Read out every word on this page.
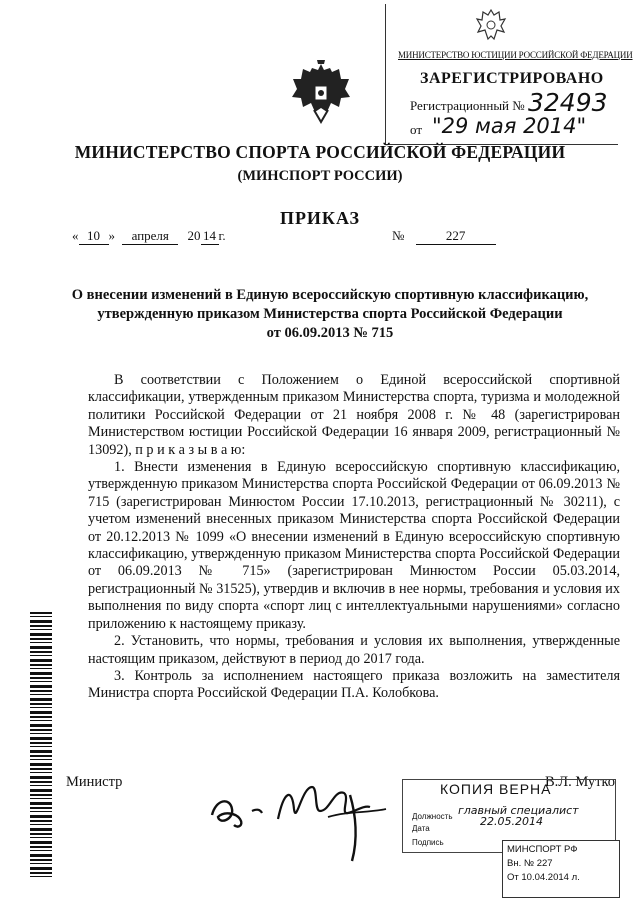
МИНИСТЕРСТВО ЮСТИЦИИ РОССИЙСКОЙ ФЕДЕРАЦИИ
ЗАРЕГИСТРИРОВАНО
Регистрационный № 32493
от "29 мая 2014"
МИНИСТЕРСТВО СПОРТА РОССИЙСКОЙ ФЕДЕРАЦИИ
(МИНСПОРТ РОССИИ)
ПРИКАЗ
« 10 » апреля 20 14 г.	№	227
О внесении изменений в Единую всероссийскую спортивную классификацию,
утвержденную приказом Министерства спорта Российской Федерации
от 06.09.2013 № 715

В соответствии с Положением о Единой всероссийской спортивной классификации, утвержденным приказом Министерства спорта, туризма и молодежной политики Российской Федерации от 21 ноября 2008 г. № 48 (зарегистрирован Министерством юстиции Российской Федерации 16 января 2009, регистрационный № 13092), п р и к а з ы в а ю:

1. Внести изменения в Единую всероссийскую спортивную классификацию, утвержденную приказом Министерства спорта Российской Федерации от 06.09.2013 № 715 (зарегистрирован Минюстом России 17.10.2013, регистрационный № 30211), с учетом изменений внесенных приказом Министерства спорта Российской Федерации от 20.12.2013 № 1099 «О внесении изменений в Единую всероссийскую спортивную классификацию, утвержденную приказом Министерства спорта Российской Федерации от 06.09.2013 № 715» (зарегистрирован Минюстом России 05.03.2014, регистрационный № 31525), утвердив и включив в нее нормы, требования и условия их выполнения по виду спорта «спорт лиц с интеллектуальными нарушениями» согласно приложению к настоящему приказу.

2. Установить, что нормы, требования и условия их выполнения, утвержденные настоящим приказом, действуют в период до 2017 года.

3. Контроль за исполнением настоящего приказа возложить на заместителя Министра спорта Российской Федерации П.А. Колобкова.

Министр	В.Л. Мутко
КОПИЯ ВЕРНА
Должность главный специалист
Дата
22.05.2014
Подпись
МИНСПОРТ РФ
Вн. № 227
От 10.04.2014 л.
